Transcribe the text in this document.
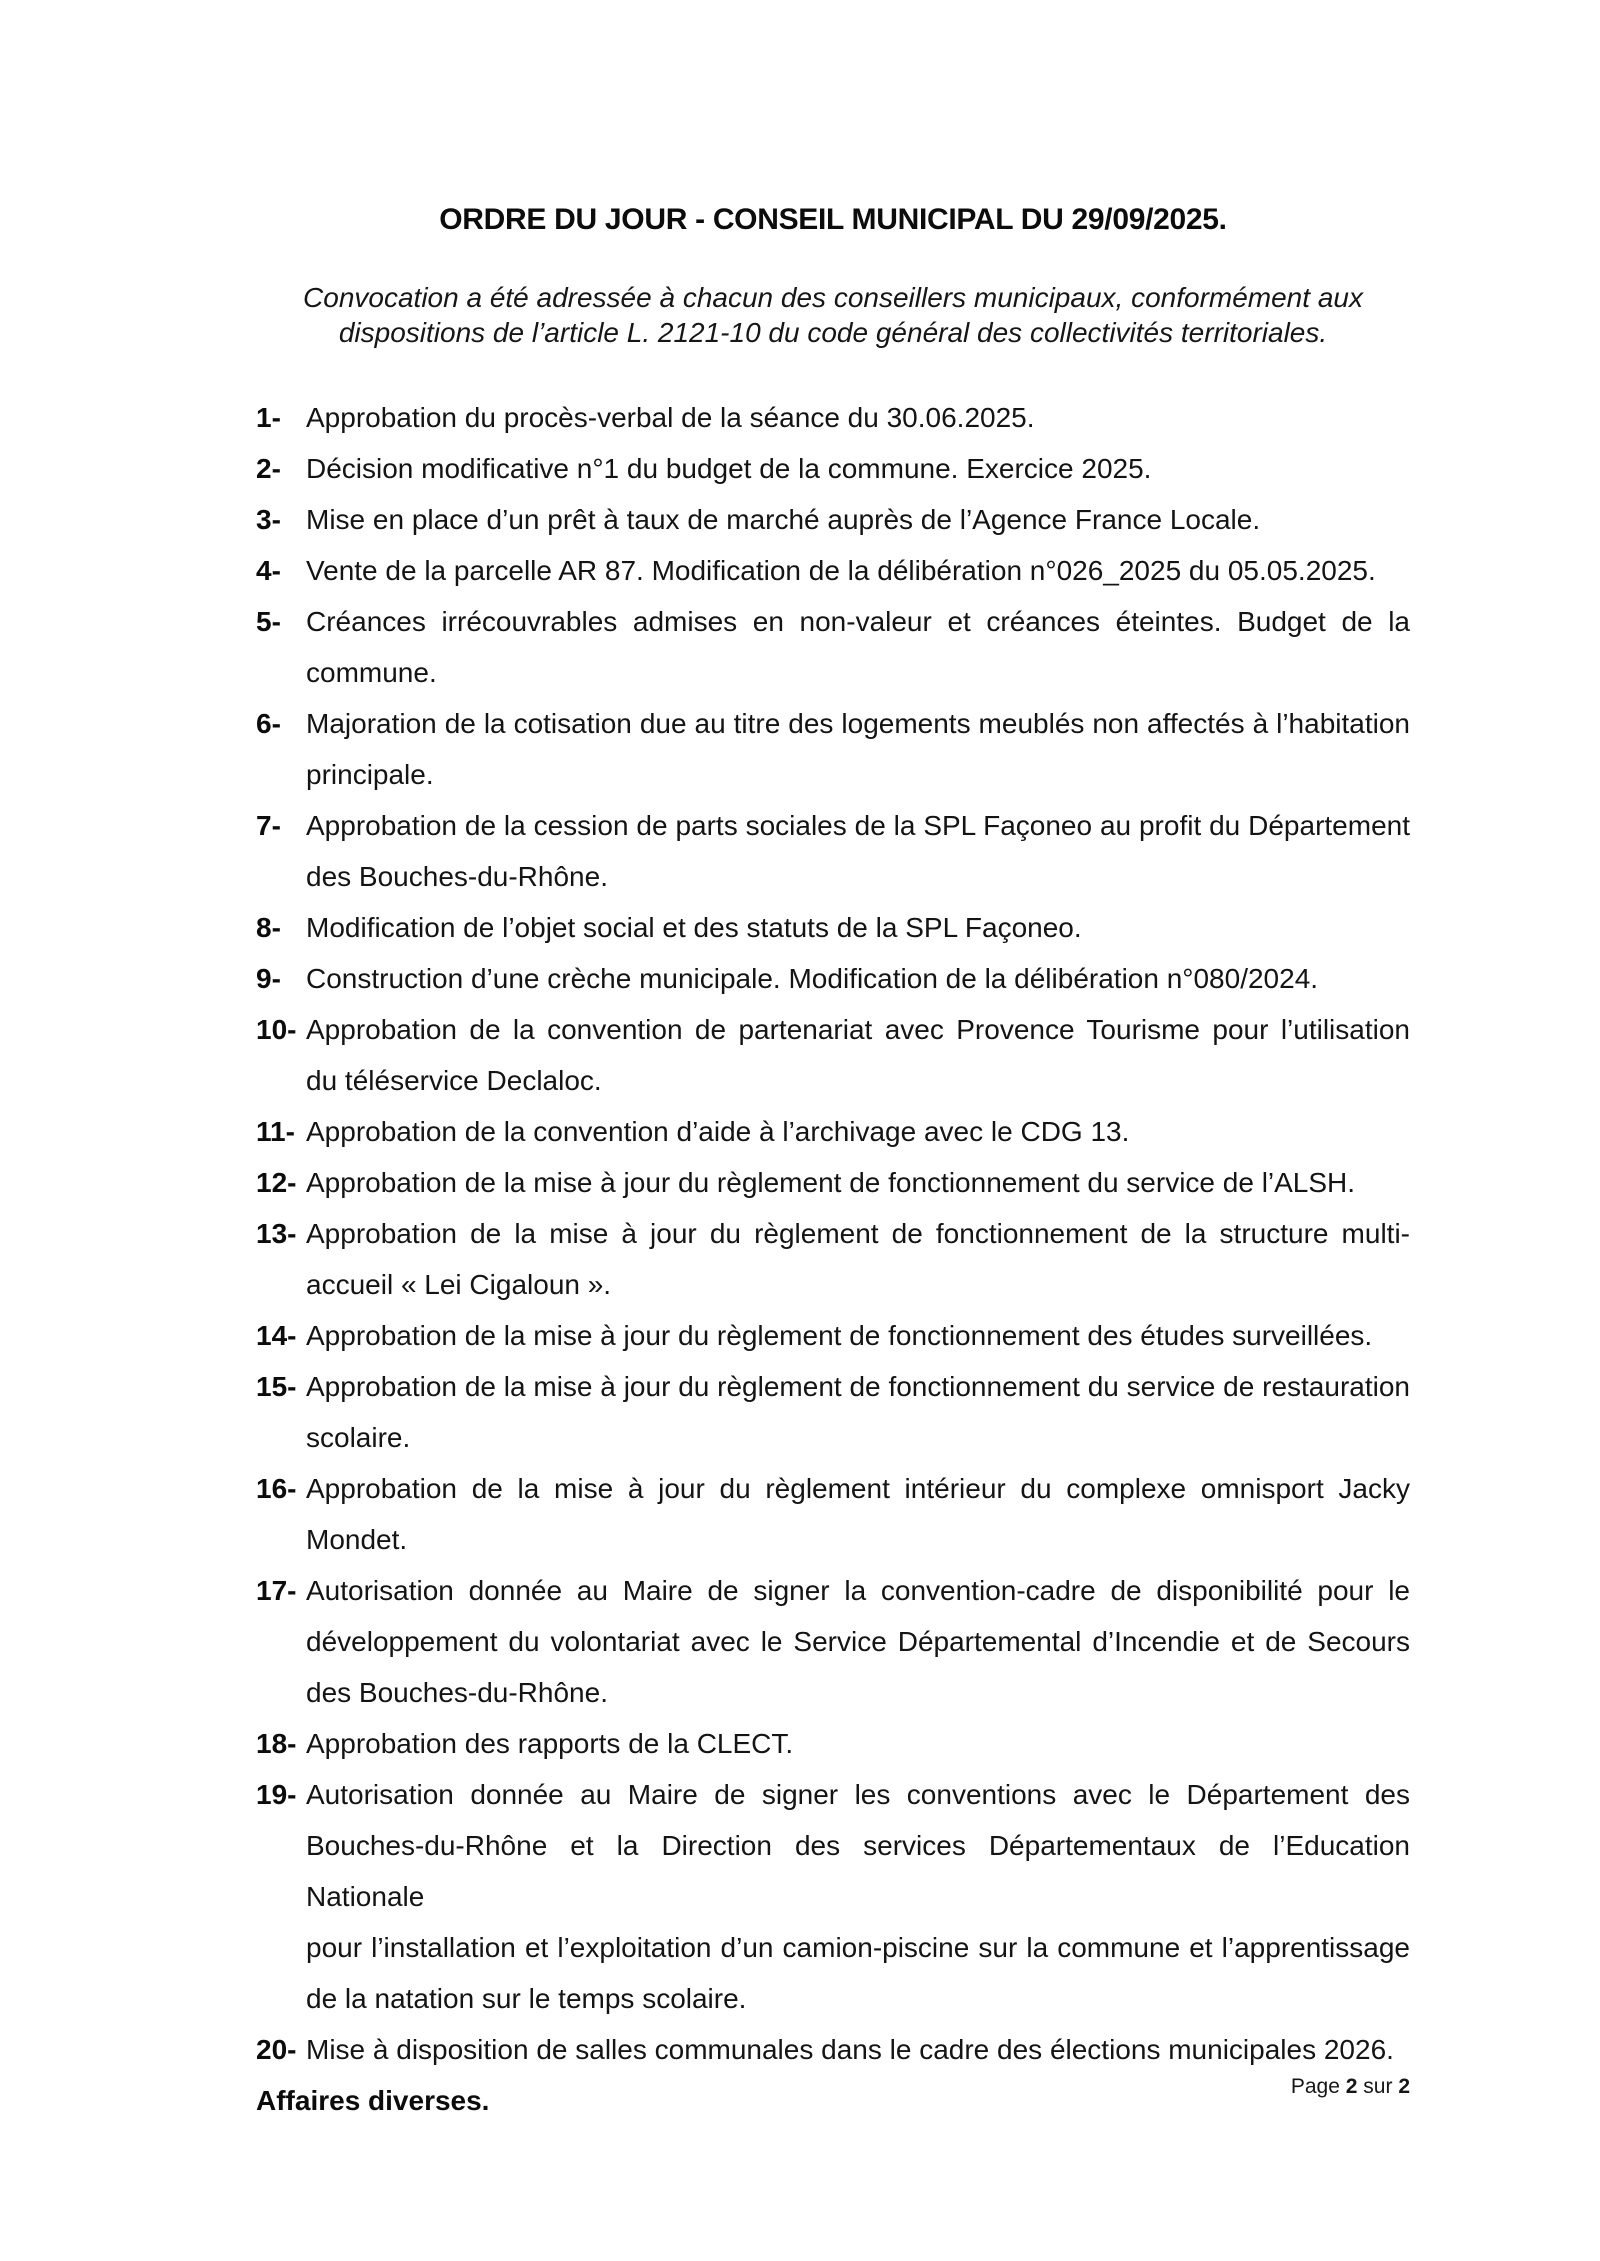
ORDRE DU JOUR - CONSEIL MUNICIPAL DU 29/09/2025.
Convocation a été adressée à chacun des conseillers municipaux, conformément aux
dispositions de l’article L. 2121-10 du code général des collectivités territoriales.
1- Approbation du procès-verbal de la séance du 30.06.2025.
2- Décision modificative n°1 du budget de la commune. Exercice 2025.
3- Mise en place d’un prêt à taux de marché auprès de l’Agence France Locale.
4- Vente de la parcelle AR 87. Modification de la délibération n°026_2025 du 05.05.2025.
5- Créances irrécouvrables admises en non-valeur et créances éteintes. Budget de la
commune.
6- Majoration de la cotisation due au titre des logements meublés non affectés à l’habitation
principale.
7- Approbation de la cession de parts sociales de la SPL Façoneo au profit du Département
des Bouches-du-Rhône.
8- Modification de l’objet social et des statuts de la SPL Façoneo.
9- Construction d’une crèche municipale. Modification de la délibération n°080/2024.
10- Approbation de la convention de partenariat avec Provence Tourisme pour l’utilisation
du téléservice Declaloc.
11- Approbation de la convention d’aide à l’archivage avec le CDG 13.
12- Approbation de la mise à jour du règlement de fonctionnement du service de l’ALSH.
13- Approbation de la mise à jour du règlement de fonctionnement de la structure multi-
accueil « Lei Cigaloun ».
14- Approbation de la mise à jour du règlement de fonctionnement des études surveillées.
15- Approbation de la mise à jour du règlement de fonctionnement du service de restauration
scolaire.
16- Approbation de la mise à jour du règlement intérieur du complexe omnisport Jacky
Mondet.
17- Autorisation donnée au Maire de signer la convention-cadre de disponibilité pour le
développement du volontariat avec le Service Départemental d’Incendie et de Secours
des Bouches-du-Rhône.
18- Approbation des rapports de la CLECT.
19- Autorisation donnée au Maire de signer les conventions avec le Département des
Bouches-du-Rhône et la Direction des services Départementaux de l’Education Nationale
pour l’installation et l’exploitation d’un camion-piscine sur la commune et l’apprentissage
de la natation sur le temps scolaire.
20- Mise à disposition de salles communales dans le cadre des élections municipales 2026.
Affaires diverses.	Page 2 sur 2
